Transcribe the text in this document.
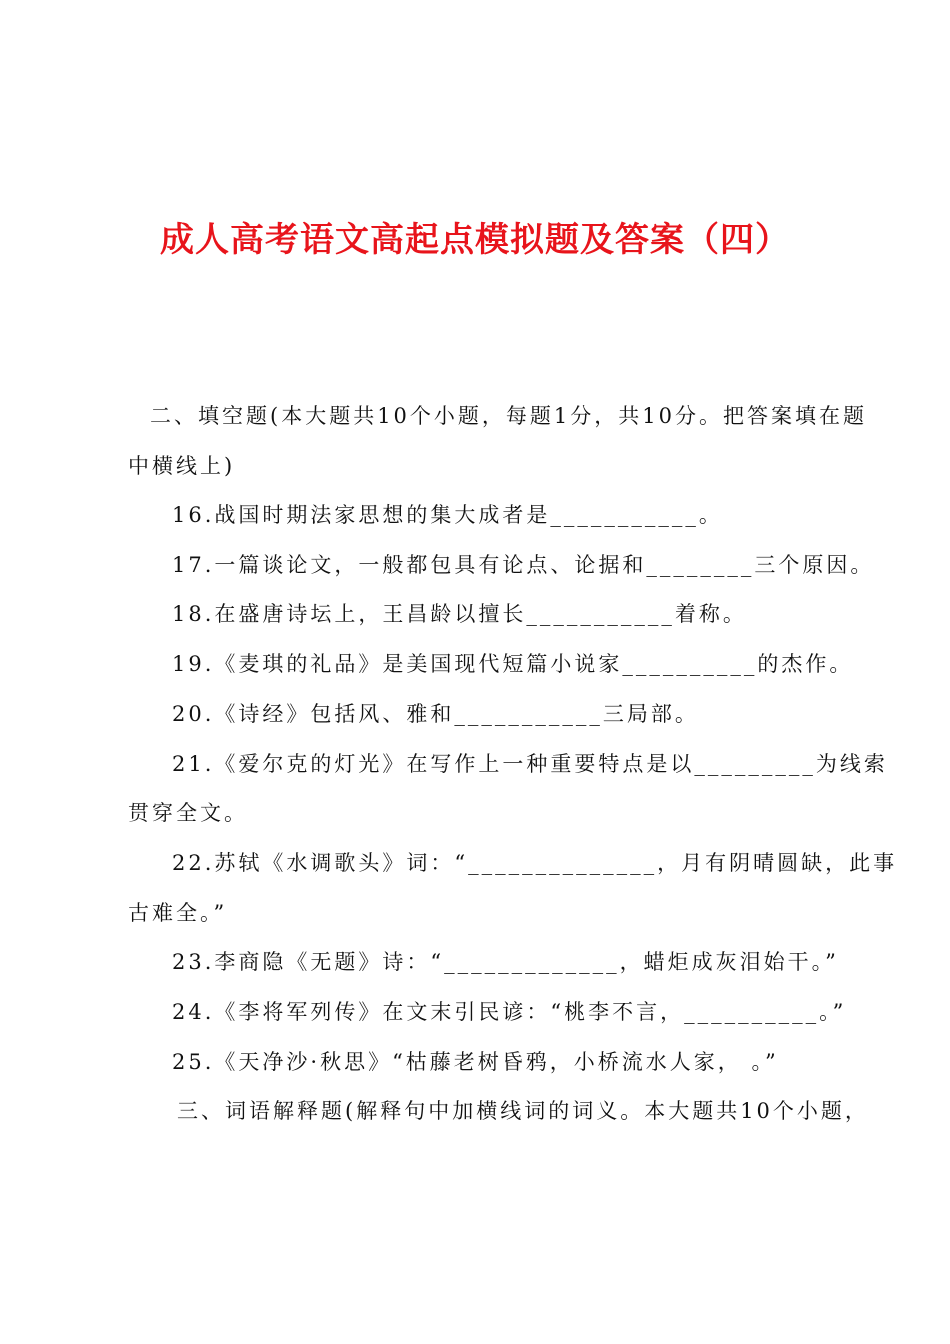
成人高考语文高起点模拟题及答案（四）
二、填空题(本大题共10个小题，每题1分，共10分。把答案填在题
中横线上)
16.战国时期法家思想的集大成者是___________。
17.一篇谈论文，一般都包具有论点、论据和________三个原因。
18.在盛唐诗坛上，王昌龄以擅长___________着称。
19.《麦琪的礼品》是美国现代短篇小说家__________的杰作。
20.《诗经》包括风、雅和___________三局部。
21.《爱尔克的灯光》在写作上一种重要特点是以_________为线索
贯穿全文。
22.苏轼《水调歌头》词：“______________，月有阴晴圆缺，此事
古难全。”
23.李商隐《无题》诗：“_____________，蜡炬成灰泪始干。”
24.《李将军列传》在文末引民谚：“桃李不言，__________。”
25.《天净沙·秋思》“枯藤老树昏鸦，小桥流水人家， 。”
三、词语解释题(解释句中加横线词的词义。本大题共10个小题，
